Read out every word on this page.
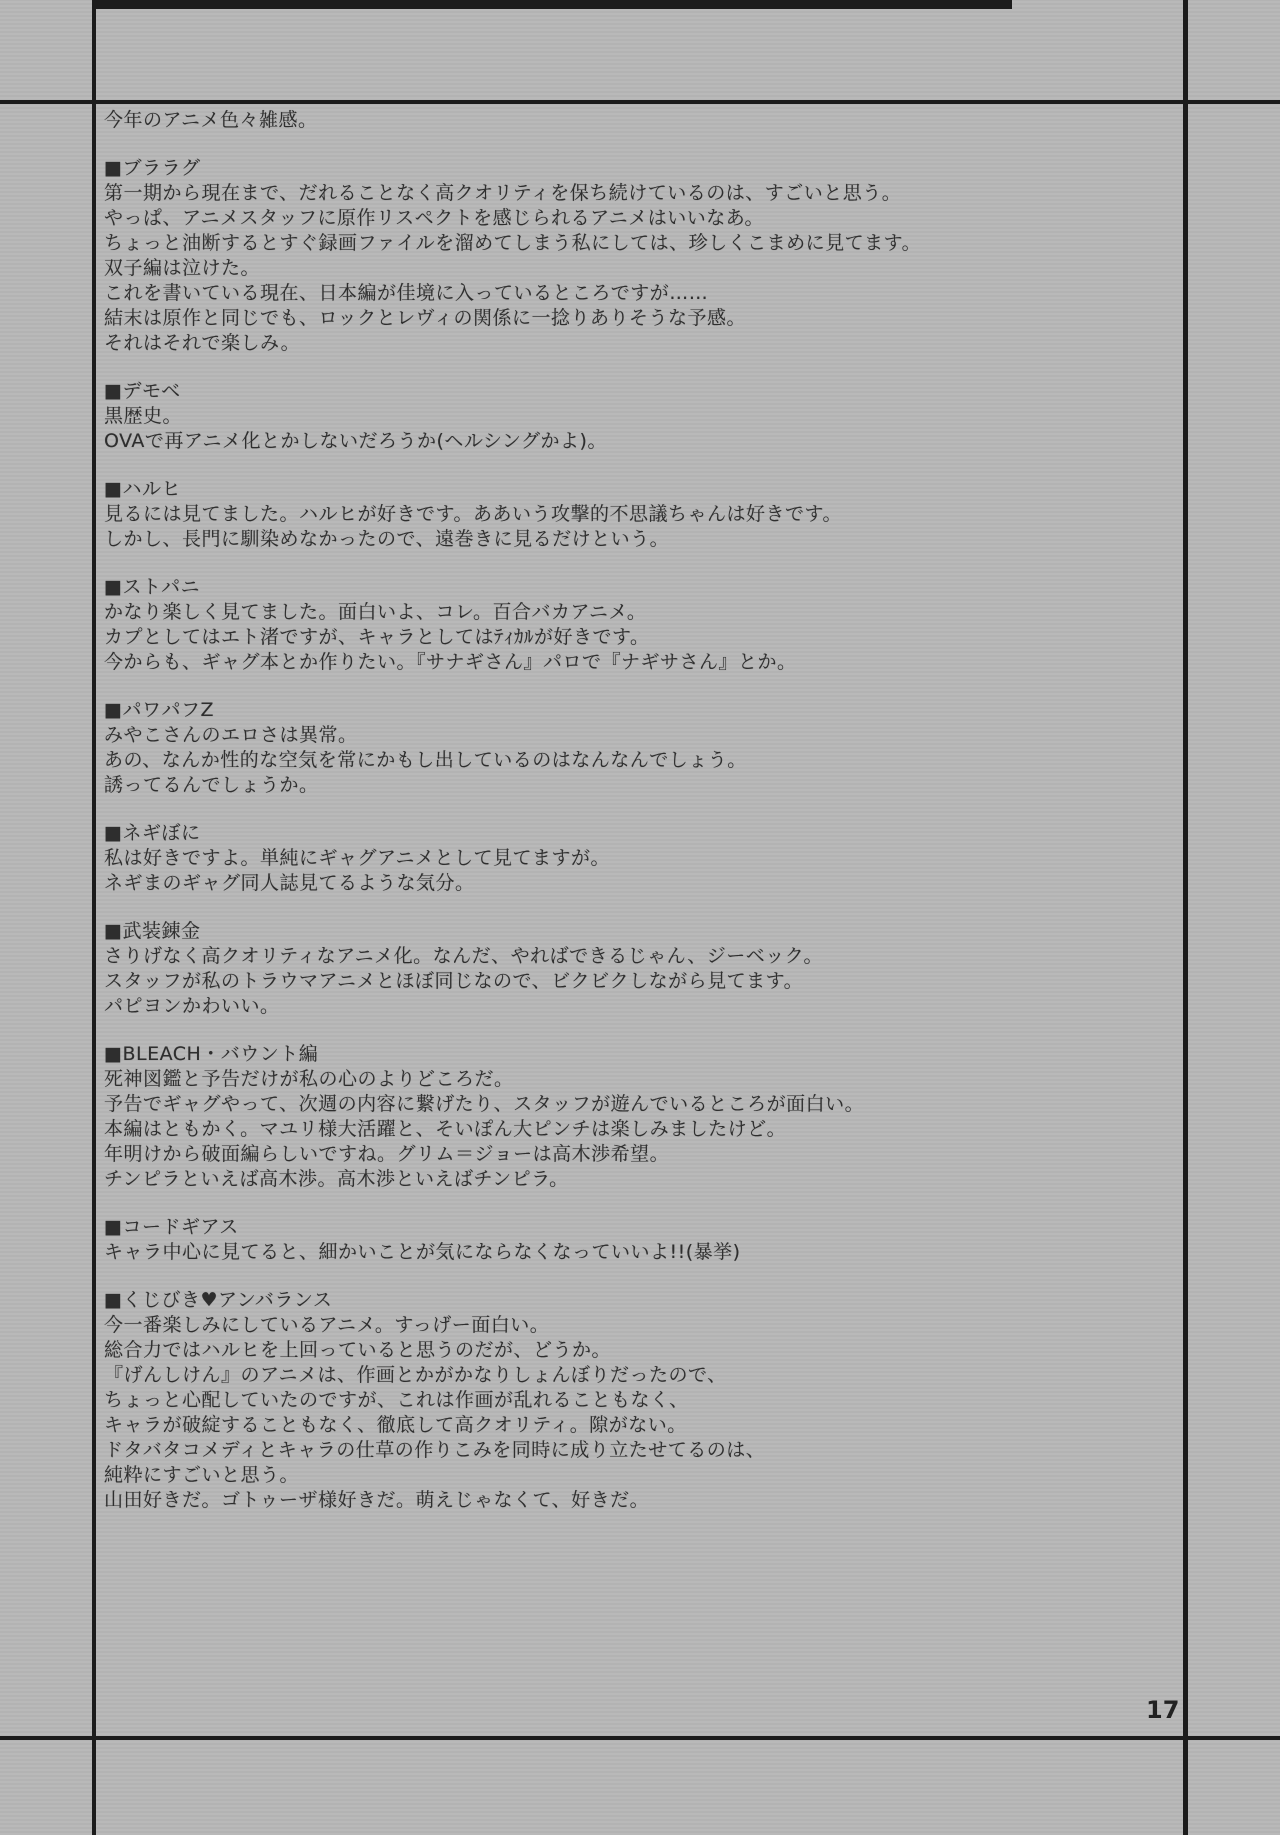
今年のアニメ色々雑感。
■ブララグ
第一期から現在まで、だれることなく高クオリティを保ち続けているのは、すごいと思う。
やっぱ、アニメスタッフに原作リスペクトを感じられるアニメはいいなあ。
ちょっと油断するとすぐ録画ファイルを溜めてしまう私にしては、珍しくこまめに見てます。
双子編は泣けた。
これを書いている現在、日本編が佳境に入っているところですが……
結末は原作と同じでも、ロックとレヴィの関係に一捻りありそうな予感。
それはそれで楽しみ。
■デモベ
黒歴史。
OVAで再アニメ化とかしないだろうか(ヘルシングかよ)。
■ハルヒ
見るには見てました。ハルヒが好きです。ああいう攻撃的不思議ちゃんは好きです。
しかし、長門に馴染めなかったので、遠巻きに見るだけという。
■ストパニ
かなり楽しく見てました。面白いよ、コレ。百合バカアニメ。
カプとしてはエト渚ですが、キャラとしてはﾃｨｶﾙが好きです。
今からも、ギャグ本とか作りたい。『サナギさん』パロで『ナギサさん』とか。
■パワパフZ
みやこさんのエロさは異常。
あの、なんか性的な空気を常にかもし出しているのはなんなんでしょう。
誘ってるんでしょうか。
■ネギぼに
私は好きですよ。単純にギャグアニメとして見てますが。
ネギまのギャグ同人誌見てるような気分。
■武装錬金
さりげなく高クオリティなアニメ化。なんだ、やればできるじゃん、ジーベック。
スタッフが私のトラウマアニメとほぼ同じなので、ビクビクしながら見てます。
パピヨンかわいい。
■BLEACH・バウント編
死神図鑑と予告だけが私の心のよりどころだ。
予告でギャグやって、次週の内容に繋げたり、スタッフが遊んでいるところが面白い。
本編はともかく。マユリ様大活躍と、そいぽん大ピンチは楽しみましたけど。
年明けから破面編らしいですね。グリム＝ジョーは高木渉希望。
チンピラといえば高木渉。高木渉といえばチンピラ。
■コードギアス
キャラ中心に見てると、細かいことが気にならなくなっていいよ!!(暴挙)
■くじびき♥アンバランス
今一番楽しみにしているアニメ。すっげー面白い。
総合力ではハルヒを上回っていると思うのだが、どうか。
『げんしけん』のアニメは、作画とかがかなりしょんぼりだったので、
ちょっと心配していたのですが、これは作画が乱れることもなく、
キャラが破綻することもなく、徹底して高クオリティ。隙がない。
ドタバタコメディとキャラの仕草の作りこみを同時に成り立たせてるのは、
純粋にすごいと思う。
山田好きだ。ゴトゥーザ様好きだ。萌えじゃなくて、好きだ。
17
